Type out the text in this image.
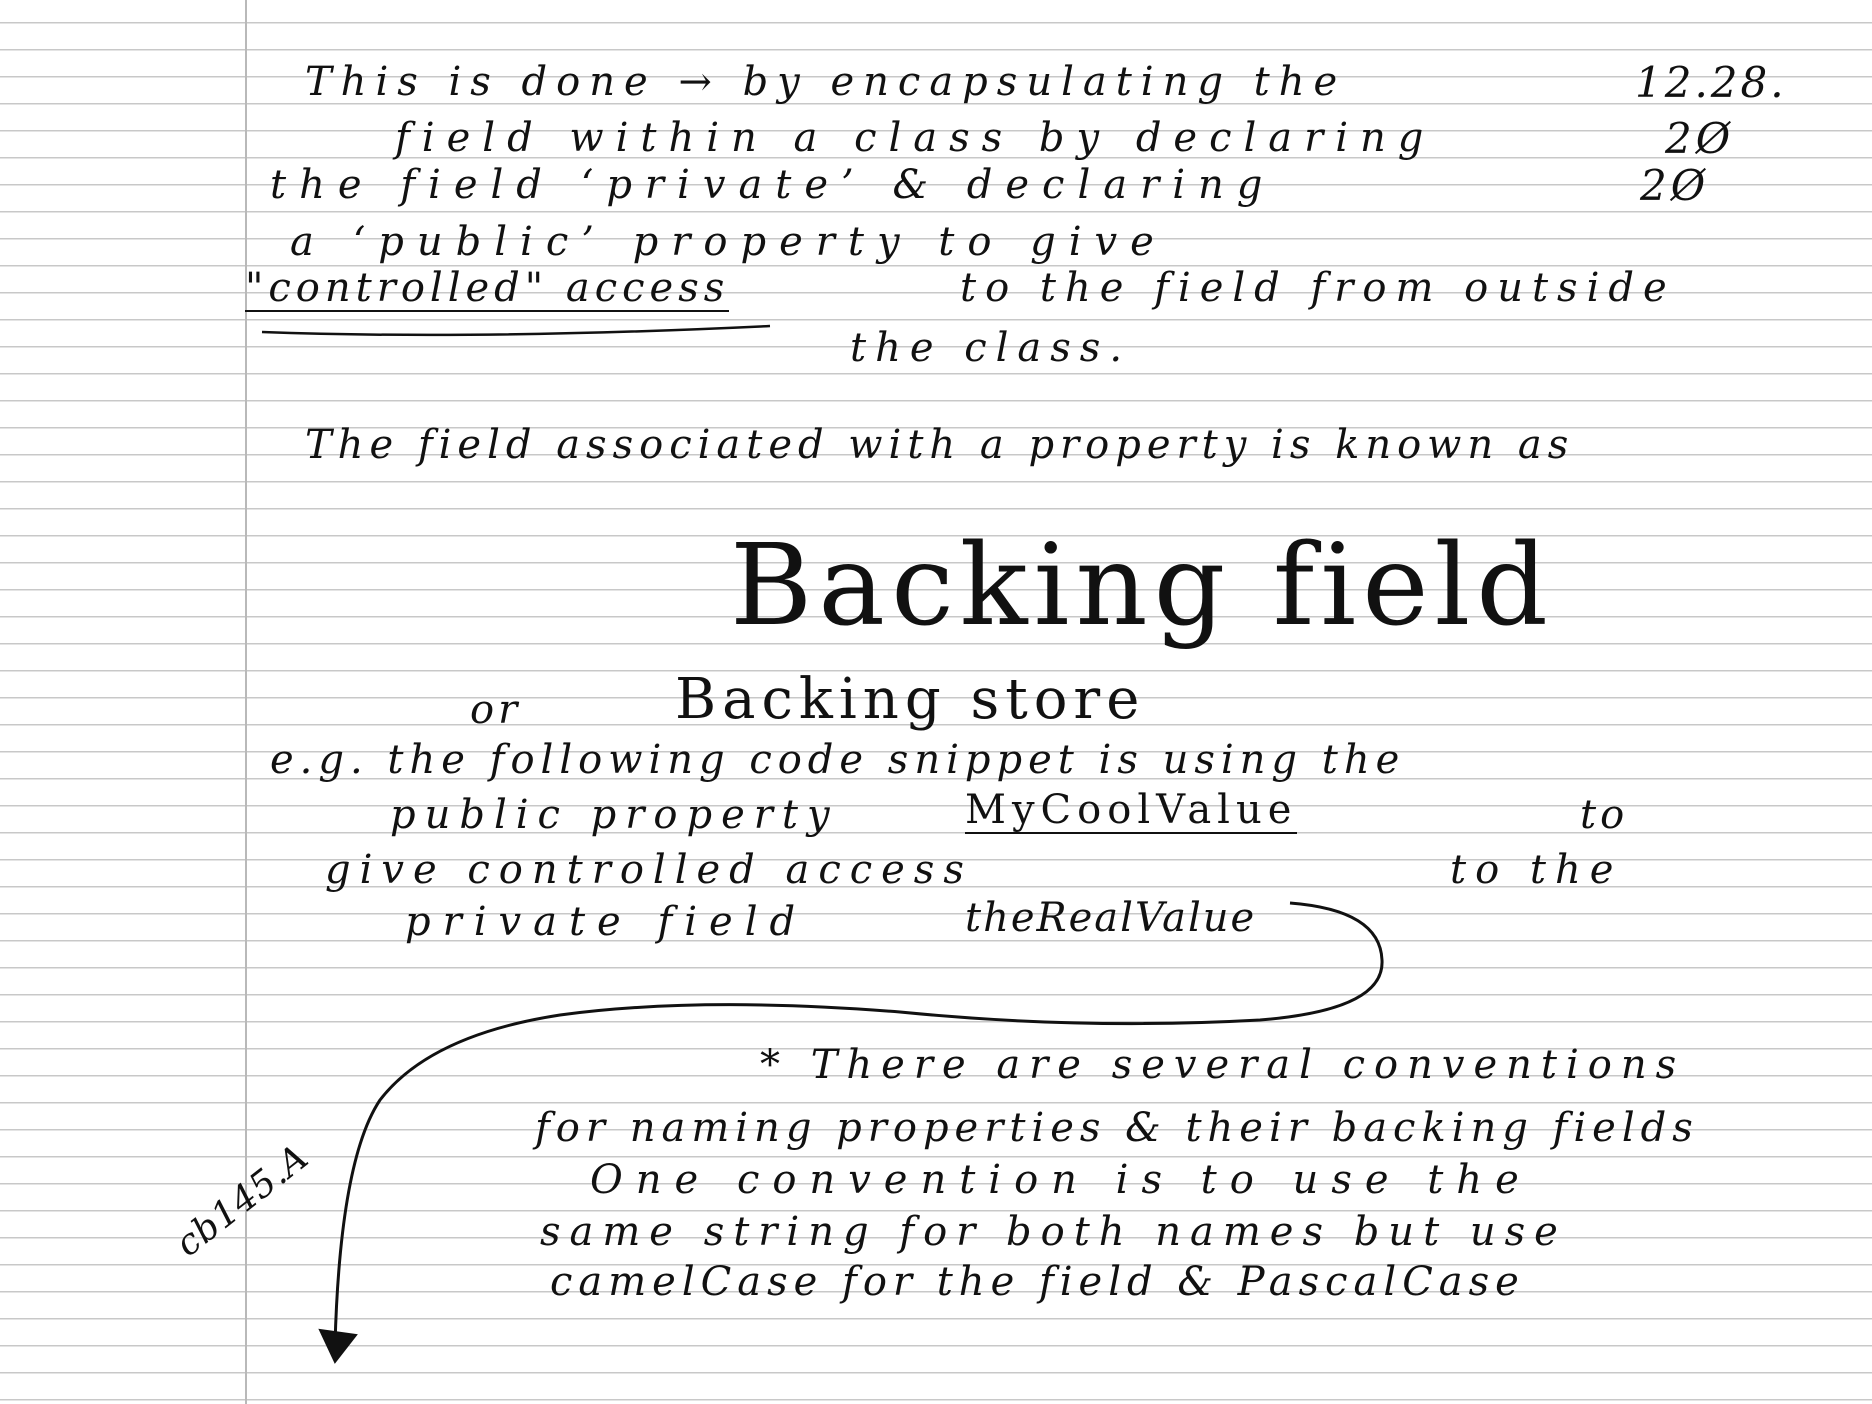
This is done → by encapsulating the	12.28.
field within a class by declaring	2Ø
the field ‘private’ & declaring	2Ø
a ‘public’ property to give
"controlled" access	to the field from outside
the class.
The field associated with a property is known as
Backing field
or	Backing store
e.g. the following code snippet is using the
public property	MyCoolValue	to
give controlled access	to the
private field	theRealValue
* There are several conventions
for naming properties & their backing fields
One convention is to use the
same string for both names but use
camelCase for the field & PascalCase
cb145.A
